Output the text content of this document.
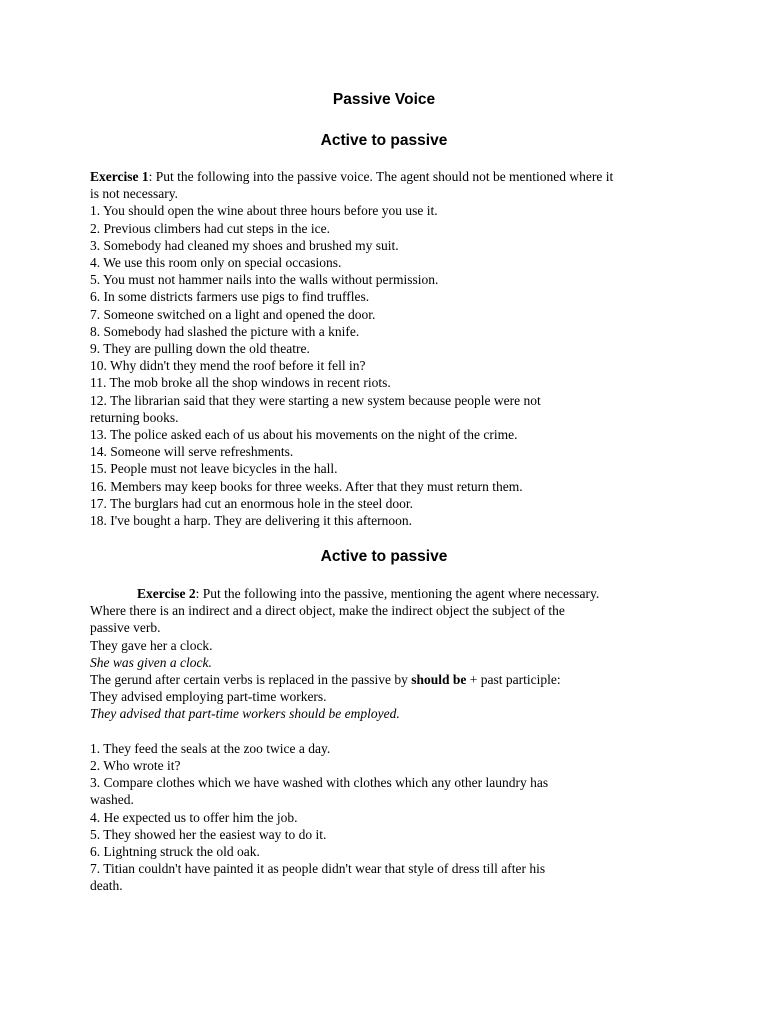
Passive Voice
Active to passive
Exercise 1: Put the following into the passive voice. The agent should not be mentioned where it
is not necessary.
1. You should open the wine about three hours before you use it.
2. Previous climbers had cut steps in the ice.
3. Somebody had cleaned my shoes and brushed my suit.
4. We use this room only on special occasions.
5. You must not hammer nails into the walls without permission.
6. In some districts farmers use pigs to find truffles.
7. Someone switched on a light and opened the door.
8. Somebody had slashed the picture with a knife.
9. They are pulling down the old theatre.
10. Why didn't they mend the roof before it fell in?
11. The mob broke all the shop windows in recent riots.
12. The librarian said that they were starting a new system because people were not
returning books.
13. The police asked each of us about his movements on the night of the crime.
14. Someone will serve refreshments.
15. People must not leave bicycles in the hall.
16. Members may keep books for three weeks. After that they must return them.
17. The burglars had cut an enormous hole in the steel door.
18. I've bought a harp. They are delivering it this afternoon.
Active to passive
Exercise 2: Put the following into the passive, mentioning the agent where necessary.
Where there is an indirect and a direct object, make the indirect object the subject of the
passive verb.
They gave her a clock.
She was given a clock.
The gerund after certain verbs is replaced in the passive by should be + past participle:
They advised employing part-time workers.
They advised that part-time workers should be employed.

1. They feed the seals at the zoo twice a day.
2. Who wrote it?
3. Compare clothes which we have washed with clothes which any other laundry has
washed.
4. He expected us to offer him the job.
5. They showed her the easiest way to do it.
6. Lightning struck the old oak.
7. Titian couldn't have painted it as people didn't wear that style of dress till after his
death.
